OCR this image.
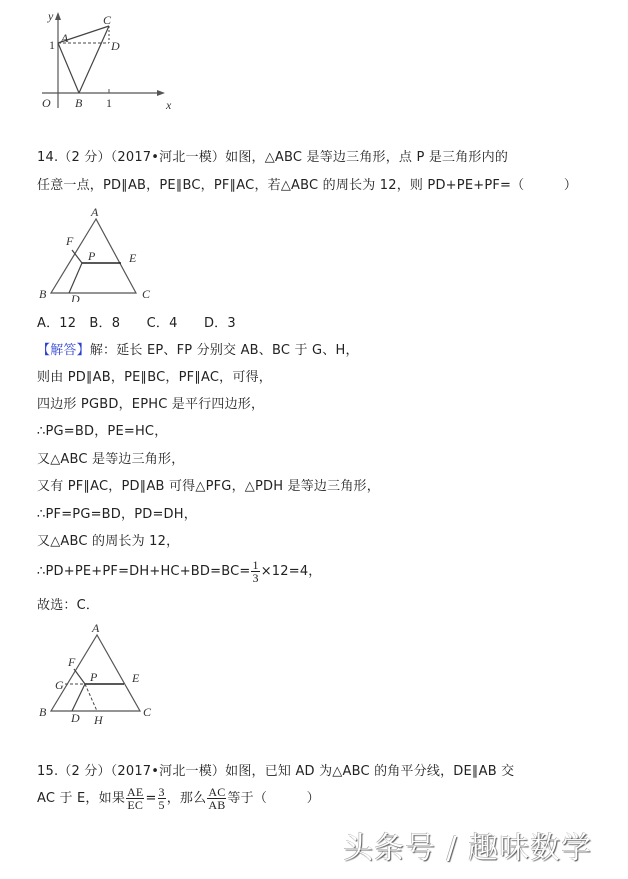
y
x
O
A
B
C
D
1
1
14.（2 分）（2017•河北一模）如图，△ABC 是等边三角形，点 P 是三角形内的
任意一点，PD∥AB，PE∥BC，PF∥AC，若△ABC 的周长为 12，则 PD+PE+PF=（　　　）
A
B	C
D
E
F
P
A．12　B．8　　C．4　　D．3
【解答】解：延长 EP、FP 分别交 AB、BC 于 G、H，
则由 PD∥AB，PE∥BC，PF∥AC，可得，
四边形 PGBD，EPHC 是平行四边形，
∴PG=BD，PE=HC，
又△ABC 是等边三角形，
又有 PF∥AC，PD∥AB 可得△PFG，△PDH 是等边三角形，
∴PF=PG=BD，PD=DH，
又△ABC 的周长为 12，
∴PD+PE+PF=DH+HC+BD=BC= $\frac{1}{3} \times 12=4$，
故选：C．
A
B	C
D
E
F
G
H
P
15.（2 分）（2017•河北一模）如图，已知 AD 为△ABC 的角平分线，DE∥AB 交
AC 于 E，如果 $\frac{AE}{EC} = \frac{3}{5}$ ，那么 $\frac{AC}{AB}$ 等于（　　　）
头条号 / 趣味数学
